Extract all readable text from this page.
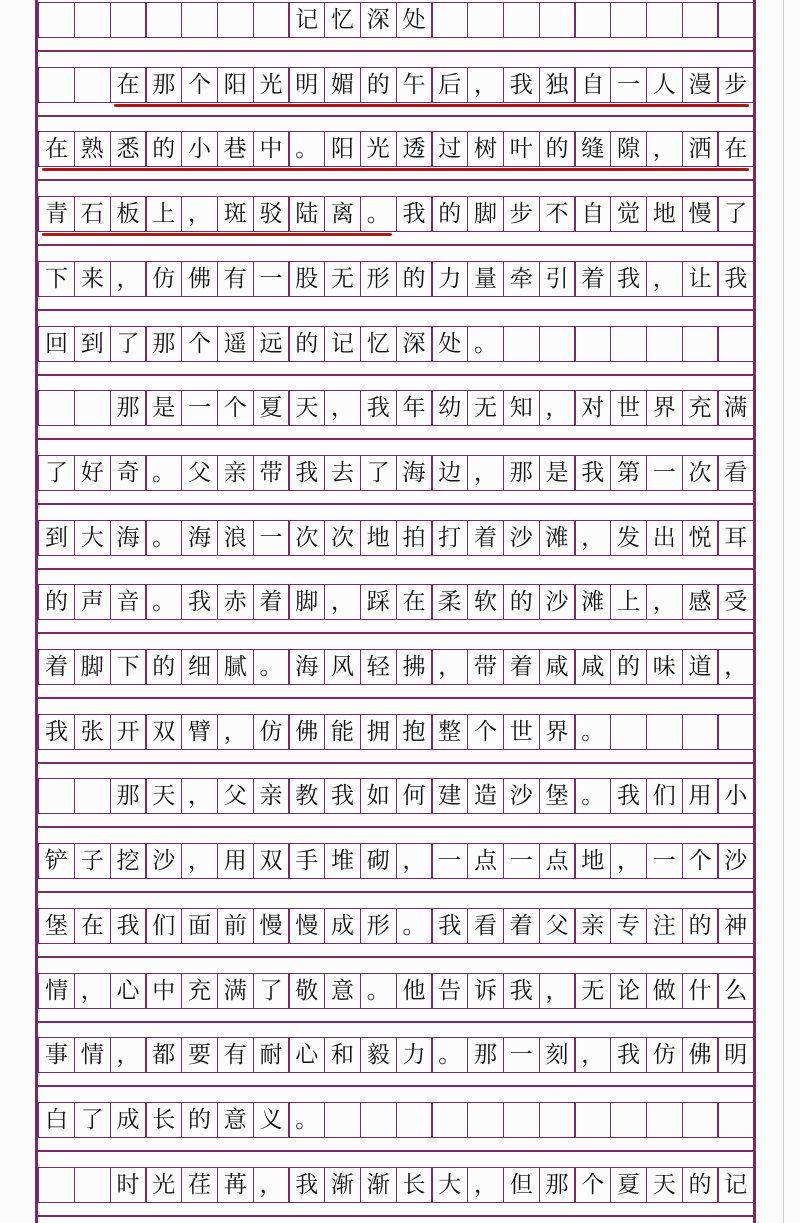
记 忆 深 处
在 那 个 阳 光 明 媚 的 午 后 ， 我 独 自 一 人 漫 步
在 熟 悉 的 小 巷 中 。 阳 光 透 过 树 叶 的 缝 隙 ， 洒 在
青 石 板 上 ， 斑 驳 陆 离 。 我 的 脚 步 不 自 觉 地 慢 了
下 来 ， 仿 佛 有 一 股 无 形 的 力 量 牵 引 着 我 ， 让 我
回 到 了 那 个 遥 远 的 记 忆 深 处 。
那 是 一 个 夏 天 ， 我 年 幼 无 知 ， 对 世 界 充 满
了 好 奇 。 父 亲 带 我 去 了 海 边 ， 那 是 我 第 一 次 看
到 大 海 。 海 浪 一 次 次 地 拍 打 着 沙 滩 ， 发 出 悦 耳
的 声 音 。 我 赤 着 脚 ， 踩 在 柔 软 的 沙 滩 上 ， 感 受
着 脚 下 的 细 腻 。 海 风 轻 拂 ， 带 着 咸 咸 的 味 道 ，
我 张 开 双 臂 ， 仿 佛 能 拥 抱 整 个 世 界 。
那 天 ， 父 亲 教 我 如 何 建 造 沙 堡 。 我 们 用 小
铲 子 挖 沙 ， 用 双 手 堆 砌 ， 一 点 一 点 地 ， 一 个 沙
堡 在 我 们 面 前 慢 慢 成 形 。 我 看 着 父 亲 专 注 的 神
情 ， 心 中 充 满 了 敬 意 。 他 告 诉 我 ， 无 论 做 什 么
事 情 ， 都 要 有 耐 心 和 毅 力 。 那 一 刻 ， 我 仿 佛 明
白 了 成 长 的 意 义 。
时 光 荏 苒 ， 我 渐 渐 长 大 ， 但 那 个 夏 天 的 记
